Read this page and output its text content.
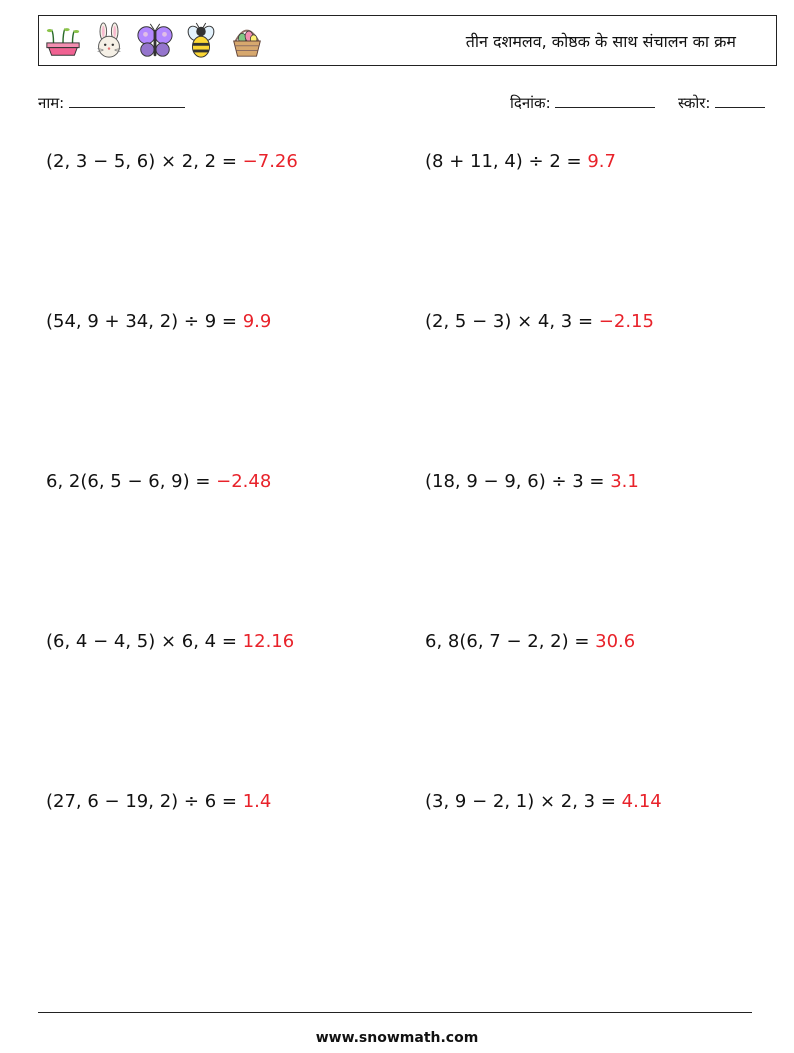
तीन दशमलव, कोष्ठक के साथ संचालन का क्रम
नाम:	दिनांक:	स्कोर:
(2, 3 − 5, 6) × 2, 2 = −7.26	(8 + 11, 4) ÷ 2 = 9.7
(54, 9 + 34, 2) ÷ 9 = 9.9	(2, 5 − 3) × 4, 3 = −2.15
6, 2(6, 5 − 6, 9) = −2.48	(18, 9 − 9, 6) ÷ 3 = 3.1
(6, 4 − 4, 5) × 6, 4 = 12.16	6, 8(6, 7 − 2, 2) = 30.6
(27, 6 − 19, 2) ÷ 6 = 1.4	(3, 9 − 2, 1) × 2, 3 = 4.14
www.snowmath.com
